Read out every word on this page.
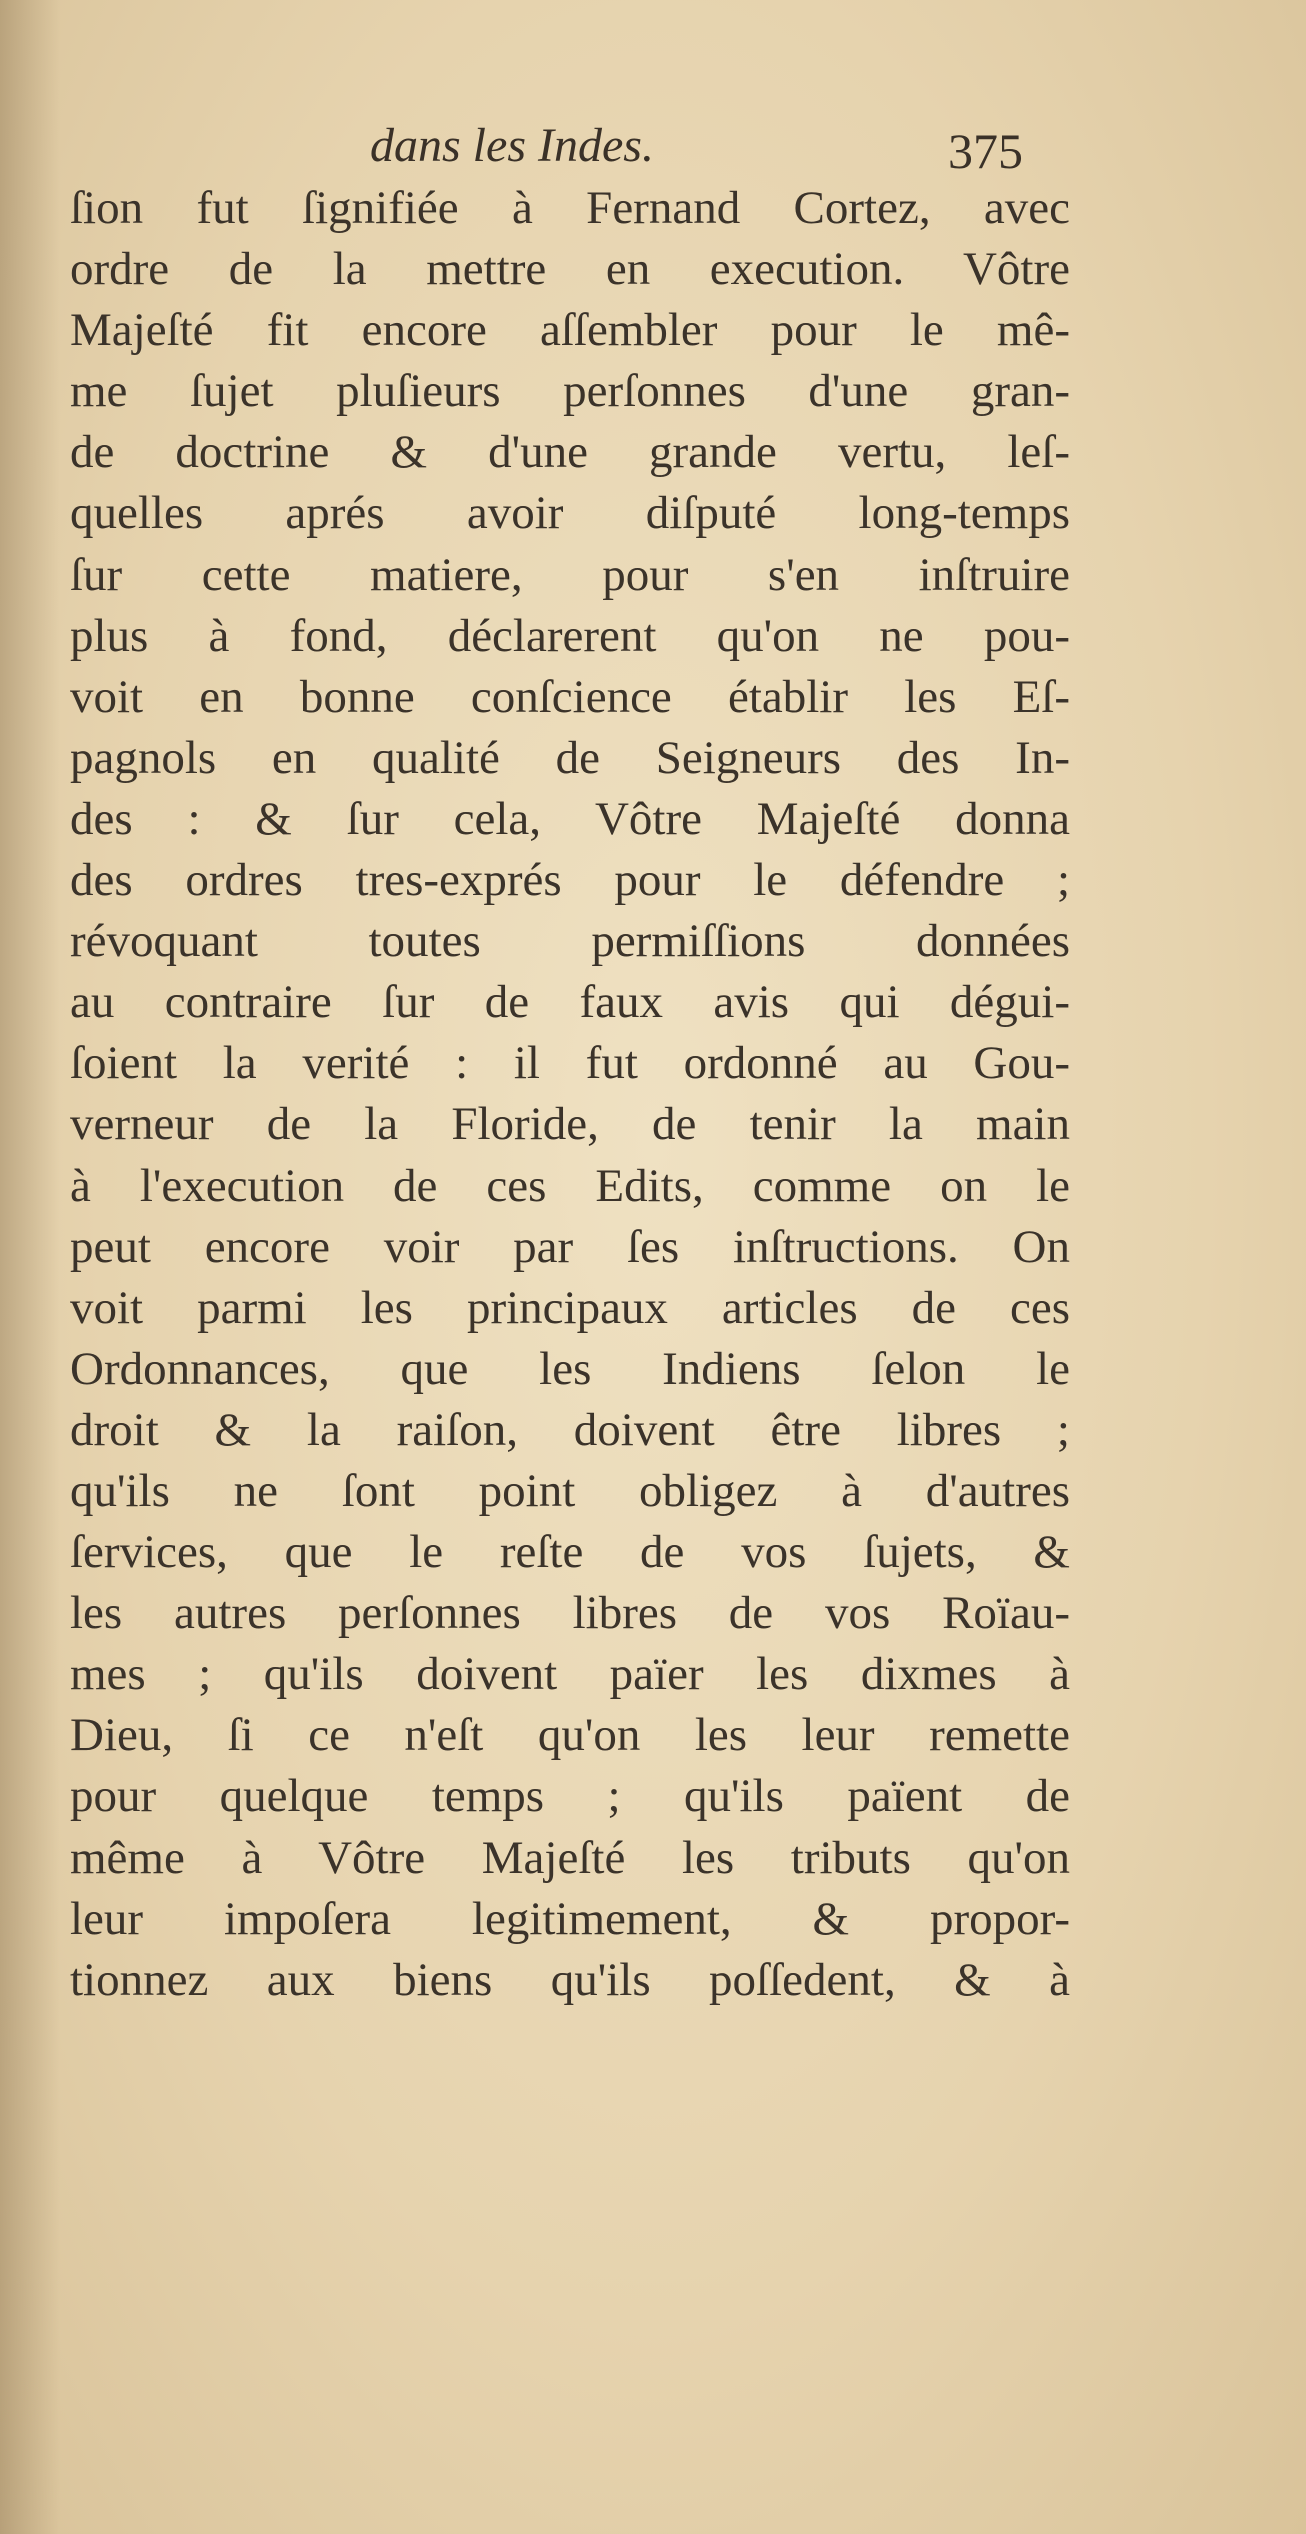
dans les Indes.	375
ſion fut ſignifiée à Fernand Cortez, avec
ordre de la mettre en execution. Vôtre
Majeſté fit encore aſſembler pour le mê-
me ſujet pluſieurs perſonnes d'une gran-
de doctrine & d'une grande vertu, leſ-
quelles aprés avoir diſputé long-temps
ſur cette matiere, pour s'en inſtruire
plus à fond, déclarerent qu'on ne pou-
voit en bonne conſcience établir les Eſ-
pagnols en qualité de Seigneurs des In-
des : & ſur cela, Vôtre Majeſté donna
des ordres tres-exprés pour le défendre ;
révoquant toutes permiſſions données
au contraire ſur de faux avis qui dégui-
ſoient la verité : il fut ordonné au Gou-
verneur de la Floride, de tenir la main
à l'execution de ces Edits, comme on le
peut encore voir par ſes inſtructions. On
voit parmi les principaux articles de ces
Ordonnances, que les Indiens ſelon le
droit & la raiſon, doivent être libres ;
qu'ils ne ſont point obligez à d'autres
ſervices, que le reſte de vos ſujets, &
les autres perſonnes libres de vos Roïau-
mes ; qu'ils doivent païer les dixmes à
Dieu, ſi ce n'eſt qu'on les leur remette
pour quelque temps ; qu'ils païent de
même à Vôtre Majeſté les tributs qu'on
leur impoſera legitimement, & propor-
tionnez aux biens qu'ils poſſedent, & à
